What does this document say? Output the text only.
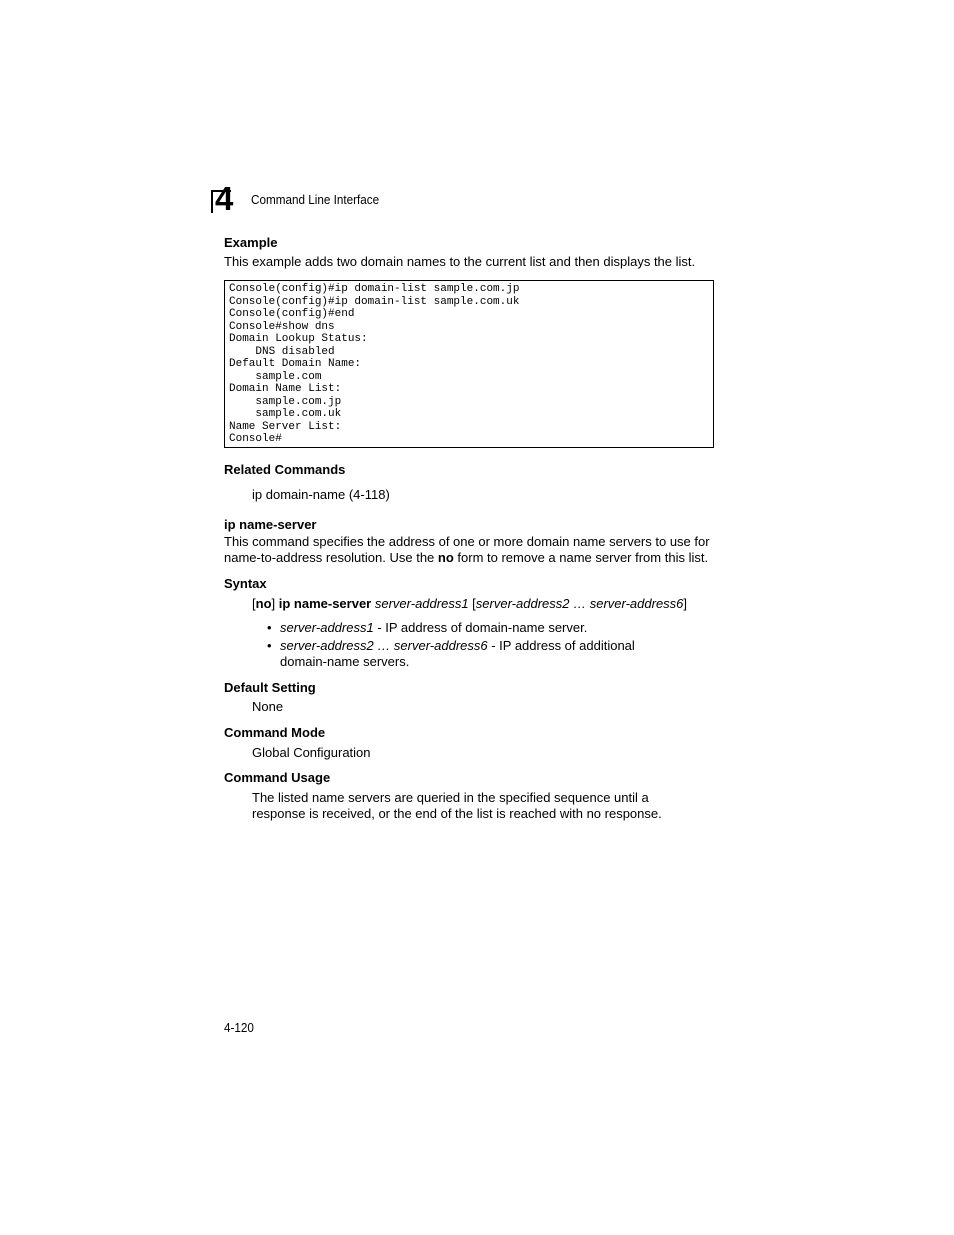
4 Command Line Interface
Example
This example adds two domain names to the current list and then displays the list.
Console(config)#ip domain-list sample.com.jp
Console(config)#ip domain-list sample.com.uk
Console(config)#end
Console#show dns
Domain Lookup Status:
DNS disabled
Default Domain Name:
sample.com
Domain Name List:
sample.com.jp
sample.com.uk
Name Server List:
Console#
Related Commands
ip domain-name (4-118)
ip name-server
This command specifies the address of one or more domain name servers to use for
name-to-address resolution. Use the no form to remove a name server from this list.
Syntax
[no] ip name-server server-address1 [server-address2 … server-address6]
• server-address1 - IP address of domain-name server.
• server-address2 … server-address6 - IP address of additional
domain-name servers.
Default Setting
None
Command Mode
Global Configuration
Command Usage
The listed name servers are queried in the specified sequence until a
response is received, or the end of the list is reached with no response.
4-120
